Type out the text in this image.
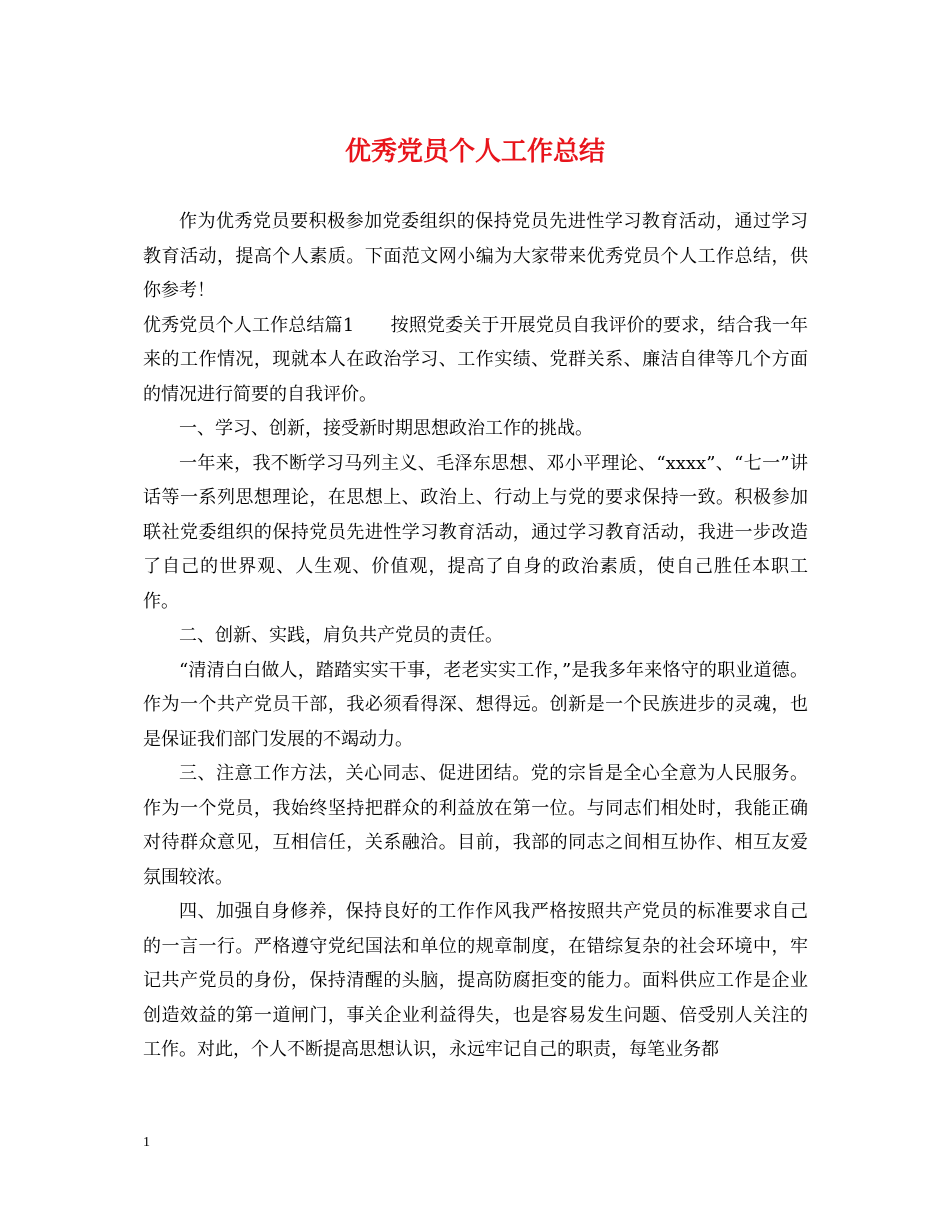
优秀党员个人工作总结

作为优秀党员要积极参加党委组织的保持党员先进性学习教育活动，通过学习教育活动，提高个人素质。下面范文网小编为大家带来优秀党员个人工作总结，供你参考！

优秀党员个人工作总结篇1　　按照党委关于开展党员自我评价的要求，结合我一年来的工作情况，现就本人在政治学习、工作实绩、党群关系、廉洁自律等几个方面的情况进行简要的自我评价。

一、学习、创新，接受新时期思想政治工作的挑战。

一年来，我不断学习马列主义、毛泽东思想、邓小平理论、“xxxx”、“七一”讲话等一系列思想理论，在思想上、政治上、行动上与党的要求保持一致。积极参加联社党委组织的保持党员先进性学习教育活动，通过学习教育活动，我进一步改造了自己的世界观、人生观、价值观，提高了自身的政治素质，使自己胜任本职工作。

二、创新、实践，肩负共产党员的责任。

“清清白白做人，踏踏实实干事，老老实实工作，”是我多年来恪守的职业道德。作为一个共产党员干部，我必须看得深、想得远。创新是一个民族进步的灵魂，也是保证我们部门发展的不竭动力。

三、注意工作方法，关心同志、促进团结。党的宗旨是全心全意为人民服务。作为一个党员，我始终坚持把群众的利益放在第一位。与同志们相处时，我能正确对待群众意见，互相信任，关系融洽。目前，我部的同志之间相互协作、相互友爱氛围较浓。

四、加强自身修养，保持良好的工作作风我严格按照共产党员的标准要求自己的一言一行。严格遵守党纪国法和单位的规章制度，在错综复杂的社会环境中，牢记共产党员的身份，保持清醒的头脑，提高防腐拒变的能力。面料供应工作是企业创造效益的第一道闸门，事关企业利益得失，也是容易发生问题、倍受别人关注的工作。对此，个人不断提高思想认识，永远牢记自己的职责，每笔业务都

1
